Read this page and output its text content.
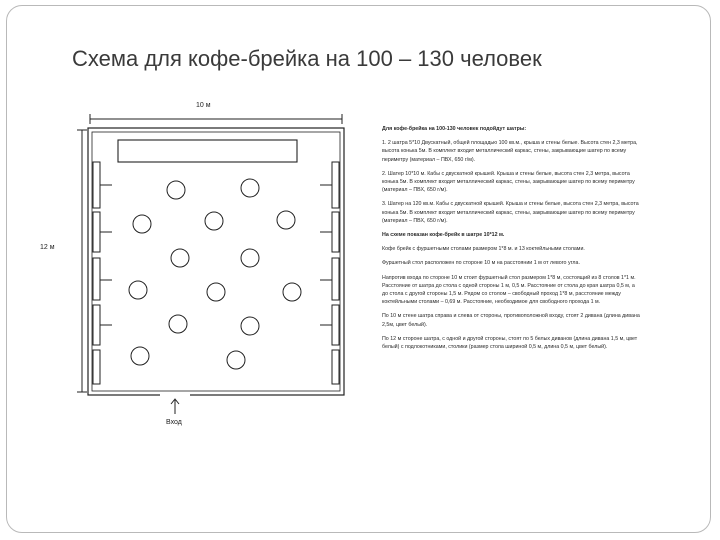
Схема для кофе-брейка на 100 – 130 человек
10 м
12 м
Вход

Для кофе-брейка на 100-130 человек подойдут шатры:

1. 2 шатра 5*10 Двускатный, общей площадью 100 кв.м., крыша и стены белые. Высота стен 2,3 метра, высота конька 5м. В комплект входит металлический каркас, стены, закрывающие шатер по всему периметру (материал – ПВХ, 650 г/м).

2. Шатер 10*10 м. Кабы с двускатной крышей. Крыша и стены белые, высота стен 2,3 метра, высота конька 5м. В комплект входит металлический каркас, стены, закрывающие шатер по всему периметру (материал – ПВХ, 650 г/м).

3. Шатер на 120 кв.м. Кабы с двускатной крышей. Крыша и стены белые, высота стен 2,3 метра, высота конька 5м. В комплект входит металлический каркас, стены, закрывающие шатер по всему периметру (материал – ПВХ, 650 г/м).

На схеме показан кофе-брейк в шатре 10*12 м.

Кофе брейк с фуршетными столами размером 1*8 м. и 13 коктейльными столами.

Фуршетный стол расположен по стороне 10 м на расстоянии 1 м от левого угла.

Напротив входа по стороне 10 м стоит фуршетный стол размером 1*8 м, состоящий из 8 столов 1*1 м. Расстояние от шатра до стола с одной стороны 1 м, 0,5 м. Расстояние от стола до края шатра 0,5 м, а до стола с другой стороны 1,5 м. Рядом со столом – свободный проход 1*8 м, расстояние между коктейльными столами – 0,69 м. Расстояние, необходимое для свободного прохода 1 м.

По 10 м стене шатра справа и слева от стороны, противоположной входу, стоят 2 дивана (длина дивана 2,5м, цвет белый).

По 12 м стороне шатра, с одной и другой стороны, стоят по 5 белых диванов (длина дивана 1,5 м, цвет белый) с подлокотниками, столики (размер стола шириной 0,5 м, длина 0,5 м, цвет белый).
